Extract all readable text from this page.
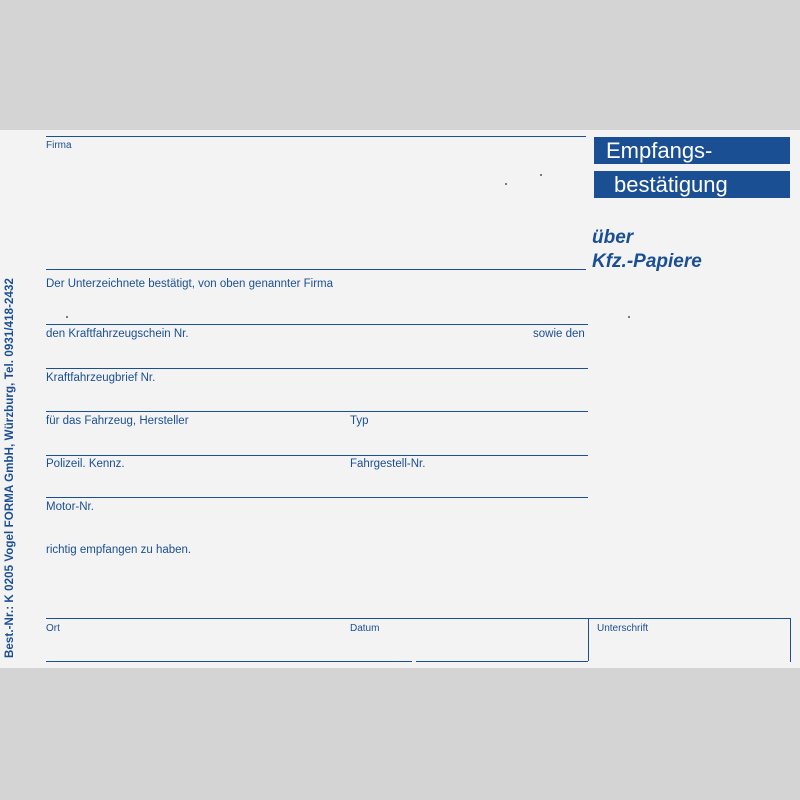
Best.-Nr.: K 0205 Vogel FORMA GmbH, Würzburg, Tel. 0931/418-2432
Firma	Empfangs-
bestätigung
über
Kfz.-Papiere
Der Unterzeichnete bestätigt, von oben genannter Firma
den Kraftfahrzeugschein Nr.	sowie den
Kraftfahrzeugbrief Nr.
für das Fahrzeug, Hersteller	Typ
Polizeil. Kennz.	Fahrgestell-Nr.
Motor-Nr.
richtig empfangen zu haben.
Ort	Datum	Unterschrift
